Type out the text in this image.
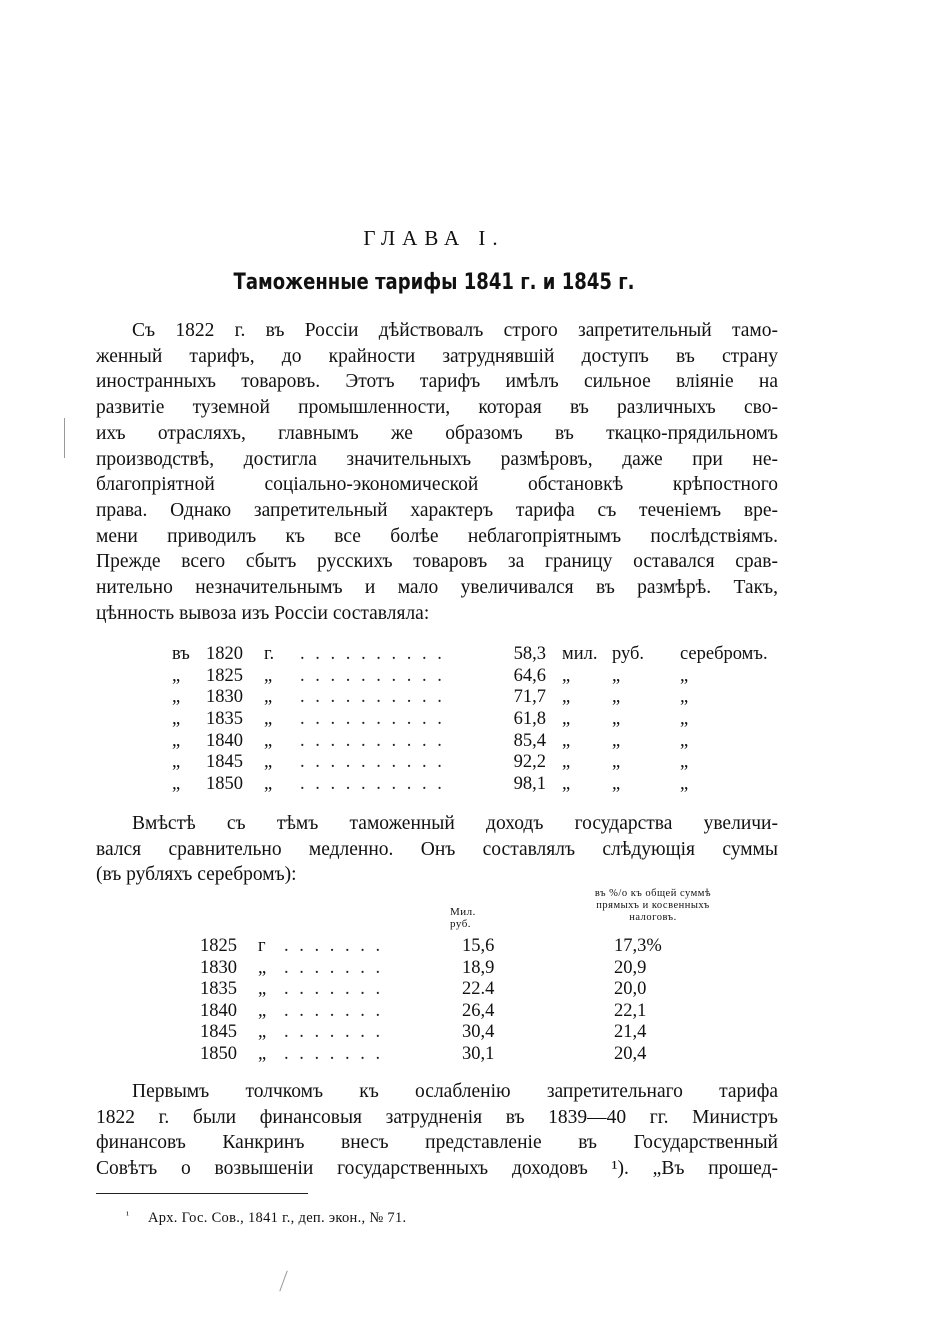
ГЛАВА I.
Таможенные тарифы 1841 г. и 1845 г.
Съ 1822 г. въ Россіи дѣйствовалъ строго запретительный тамо-
женный тарифъ, до крайности затруднявшій доступъ въ страну
иностранныхъ товаровъ. Этотъ тарифъ имѣлъ сильное вліяніе на
развитіе туземной промышленности, которая въ различныхъ сво-
ихъ отрасляхъ, главнымъ же образомъ въ ткацко-прядильномъ
производствѣ, достигла значительныхъ размѣровъ, даже при не-
благопріятной соціально-экономической обстановкѣ крѣпостного
права. Однако запретительный характеръ тарифа съ теченіемъ вре-
мени приводилъ къ все болѣе неблагопріятнымъ послѣдствіямъ.
Прежде всего сбытъ русскихъ товаровъ за границу оставался срав-
нительно незначительнымъ и мало увеличивался въ размѣрѣ. Такъ,
цѣнность вывоза изъ Россіи составляла:
въ 1820 г. . . . . . . . . . .	58,3 мил. руб. серебромъ.
„	1825 „ . . . . . . . . . .	64,6 „ „	„
„	1830 „ . . . . . . . . . .	71,7 „ „	„
„	1835 „ . . . . . . . . . .	61,8 „ „	„
„	1840 „ . . . . . . . . . .	85,4 „ „	„
„	1845 „ . . . . . . . . . .	92,2 „ „	„
„	1850 „ . . . . . . . . . .	98,1 „ „	„
Вмѣстѣ съ тѣмъ таможенный доходъ государства увеличи-
вался сравнительно медленно. Онъ составлялъ слѣдующія суммы
(въ рубляхъ серебромъ):
Мил. руб.
въ %/о къ общей суммѣ
прямыхъ и косвенныхъ
налоговъ.
1825 г . . . . . . .	15,6	17,3%
1830 „ . . . . . . .	18,9	20,9
1835 „ . . . . . . .	22.4	20,0
1840 „ . . . . . . .	26,4	22,1
1845 „ . . . . . . .	30,4	21,4
1850 „ . . . . . . .	30,1	20,4
Первымъ толчкомъ къ ослабленію запретительнаго тарифа
1822 г. были финансовыя затрудненія въ 1839—40 гг. Министръ
финансовъ Канкринъ внесъ представленіе въ Государственный
Совѣтъ о возвышеніи государственныхъ доходовъ ¹). „Въ прошед-
¹ Арх. Гос. Сов., 1841 г., деп. экон., № 71.
